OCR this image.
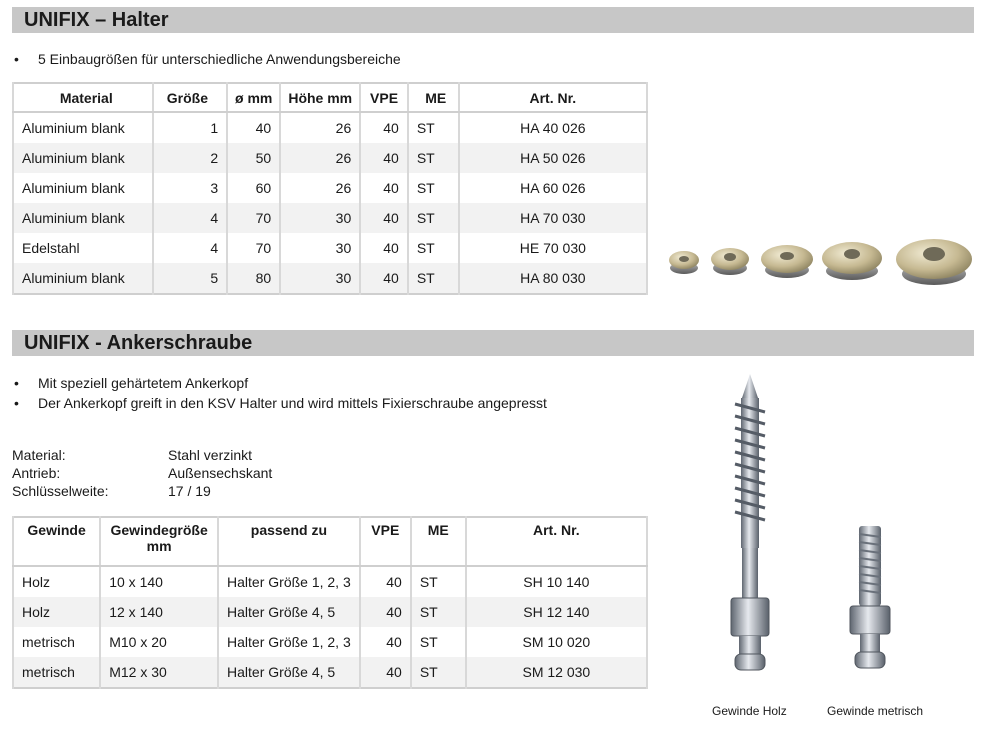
UNIFIX – Halter
• 5 Einbaugrößen für unterschiedliche Anwendungsbereiche
Material	Größe	ø mm	Höhe mm	VPE	ME	Art. Nr.
Aluminium blank	1	40	26	40	ST	HA 40 026
Aluminium blank	2	50	26	40	ST	HA 50 026
Aluminium blank	3	60	26	40	ST	HA 60 026
Aluminium blank	4	70	30	40	ST	HA 70 030
Edelstahl	4	70	30	40	ST	HE 70 030
Aluminium blank	5	80	30	40	ST	HA 80 030
UNIFIX - Ankerschraube
• Mit speziell gehärtetem Ankerkopf
• Der Ankerkopf greift in den KSV Halter und wird mittels Fixierschraube angepresst
Material:	Stahl verzinkt
Antrieb:	Außensechskant
Schlüsselweite:	17 / 19
Gewinde	Gewindegröße mm	passend zu	VPE	ME	Art. Nr.
Holz	10 x 140	Halter Größe 1, 2, 3	40	ST	SH 10 140
Holz	12 x 140	Halter Größe 4, 5	40	ST	SH 12 140
metrisch	M10 x 20	Halter Größe 1, 2, 3	40	ST	SM 10 020
metrisch	M12 x 30	Halter Größe 4, 5	40	ST	SM 12 030
Gewinde Holz	Gewinde metrisch
